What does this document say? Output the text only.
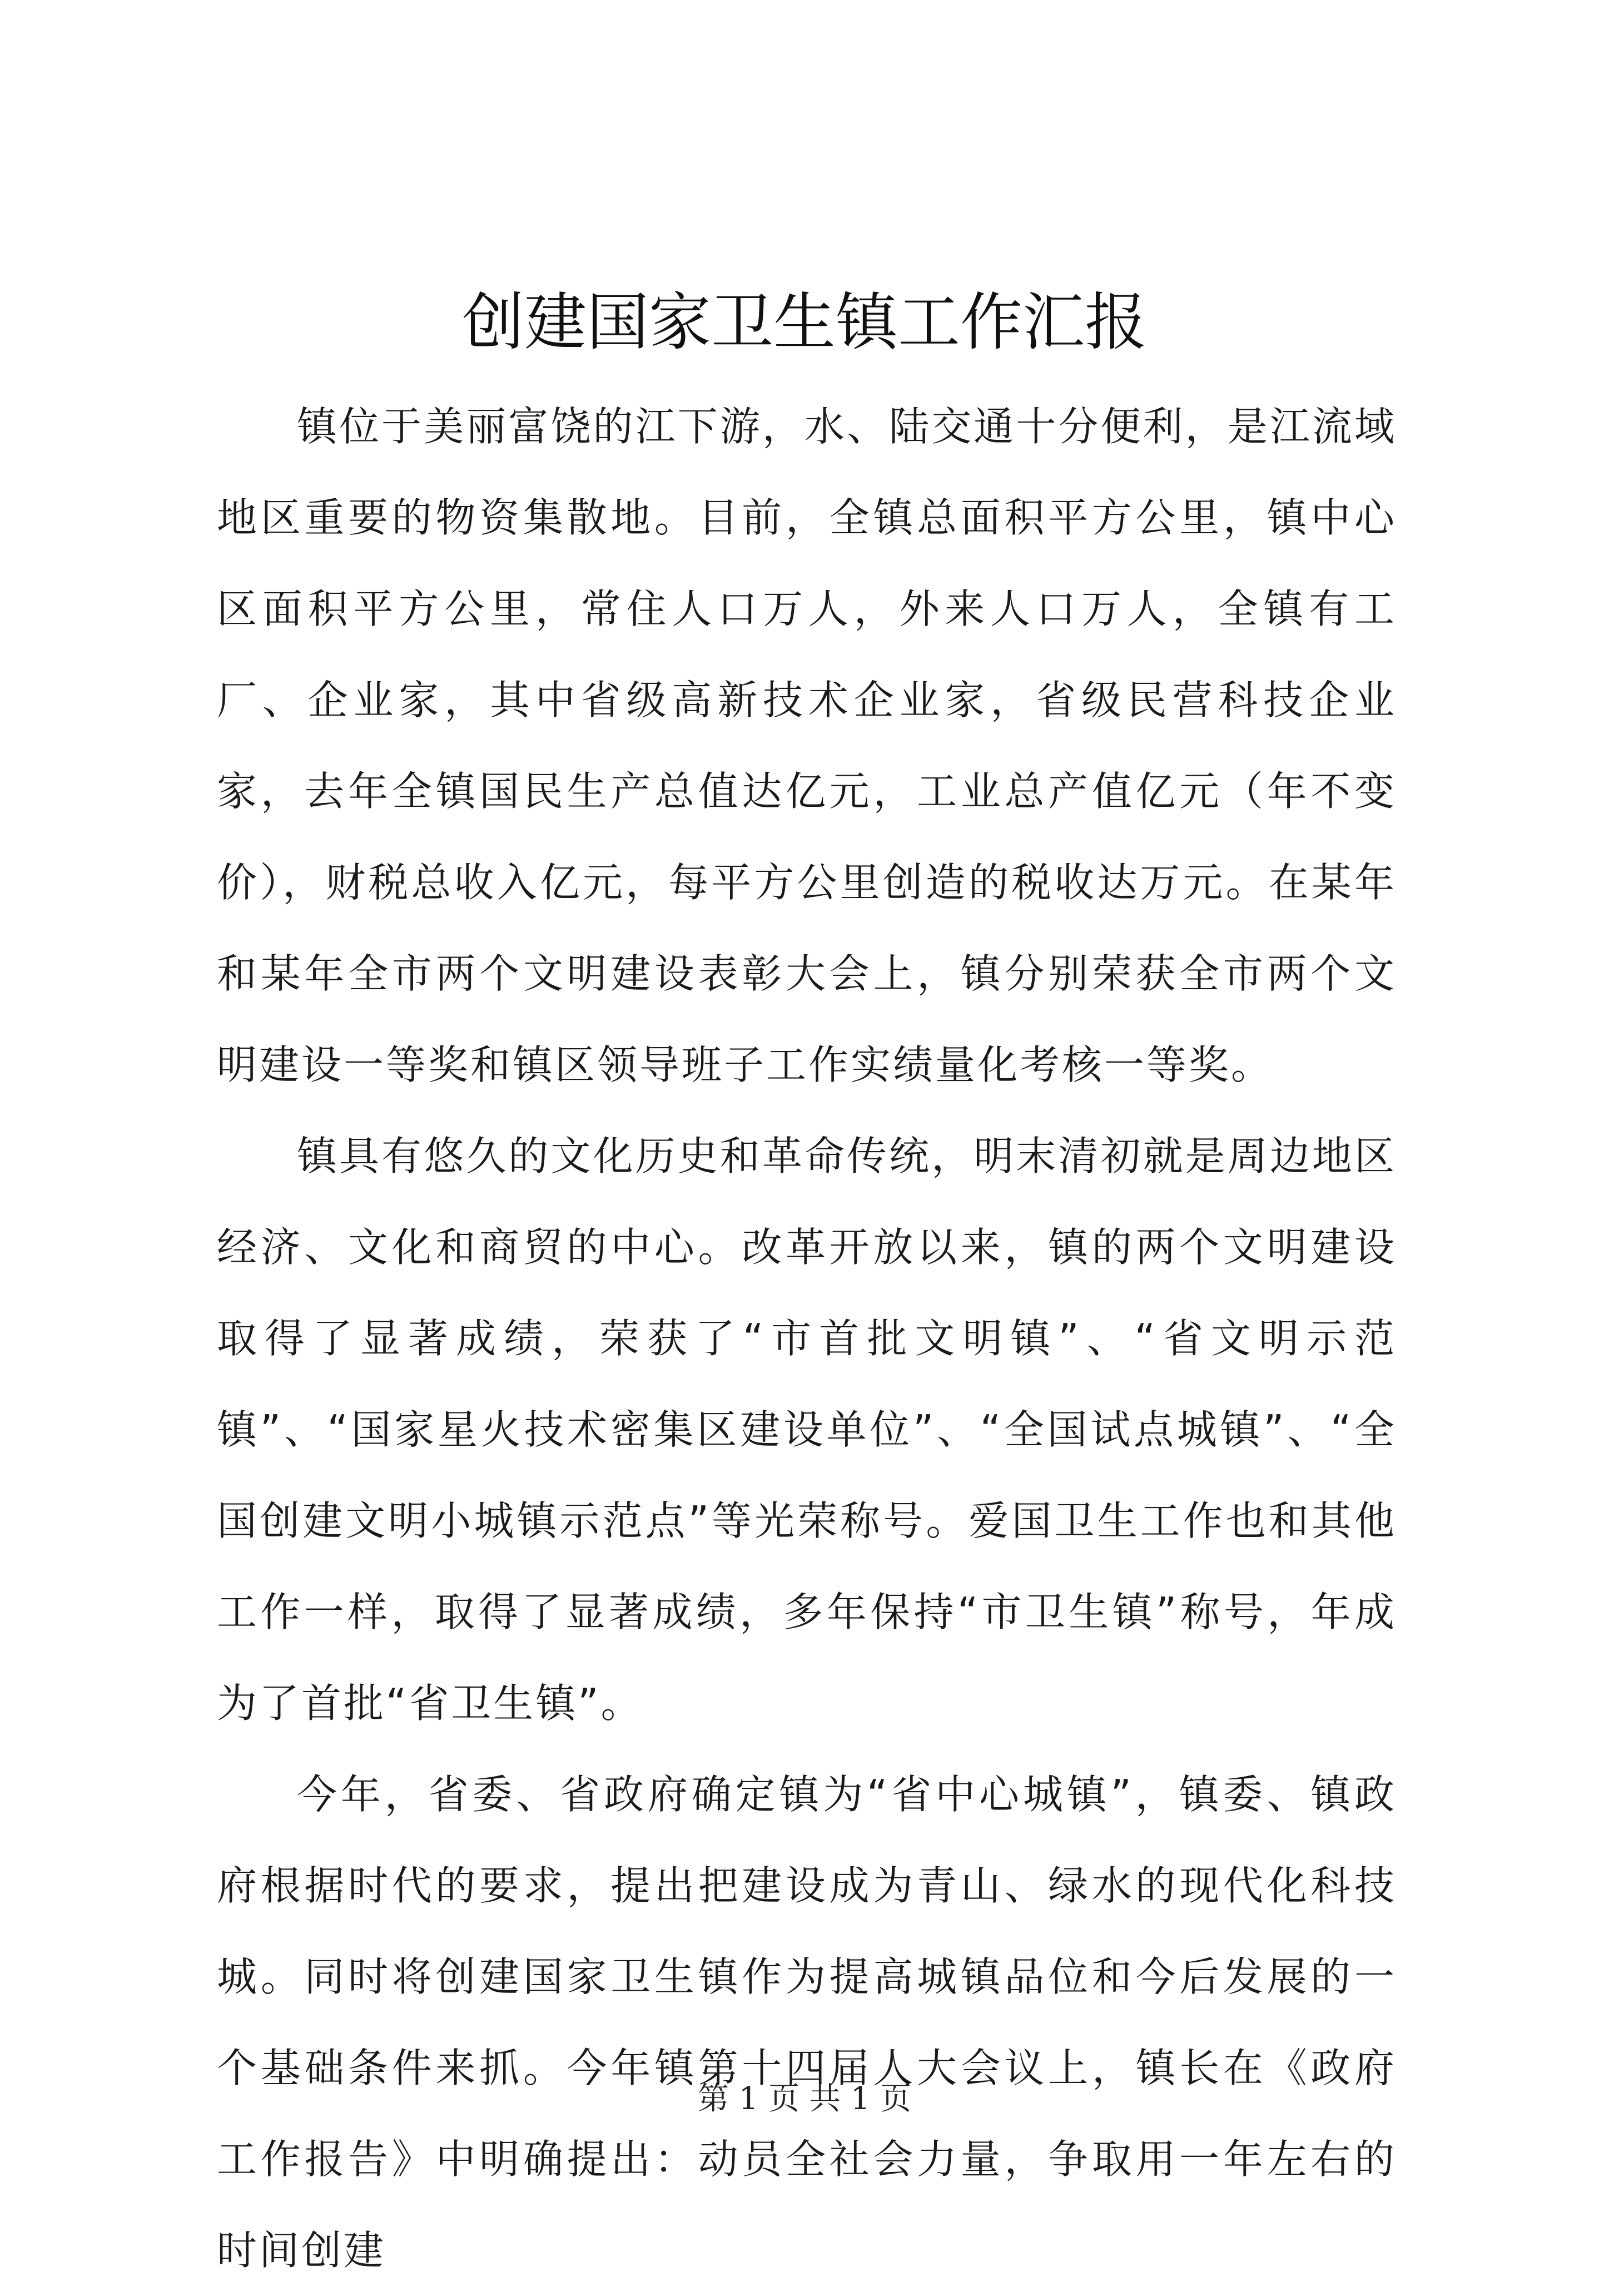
创建国家卫生镇工作汇报

镇位于美丽富饶的江下游，水、陆交通十分便利，是江流域地区重要的物资集散地。目前，全镇总面积平方公里，镇中心区面积平方公里，常住人口万人，外来人口万人，全镇有工厂、企业家，其中省级高新技术企业家，省级民营科技企业家，去年全镇国民生产总值达亿元，工业总产值亿元（年不变价），财税总收入亿元，每平方公里创造的税收达万元。在某年和某年全市两个文明建设表彰大会上，镇分别荣获全市两个文明建设一等奖和镇区领导班子工作实绩量化考核一等奖。

镇具有悠久的文化历史和革命传统，明末清初就是周边地区经济、文化和商贸的中心。改革开放以来，镇的两个文明建设取得了显著成绩，荣获了“市首批文明镇”、“省文明示范镇”、“国家星火技术密集区建设单位”、“全国试点城镇”、“全国创建文明小城镇示范点”等光荣称号。爱国卫生工作也和其他工作一样，取得了显著成绩，多年保持“市卫生镇”称号，年成为了首批“省卫生镇”。

今年，省委、省政府确定镇为“省中心城镇”，镇委、镇政府根据时代的要求，提出把建设成为青山、绿水的现代化科技城。同时将创建国家卫生镇作为提高城镇品位和今后发展的一个基础条件来抓。今年镇第十四届人大会议上，镇长在《政府工作报告》中明确提出：动员全社会力量，争取用一年左右的时间创建

第 1 页 共 1 页
